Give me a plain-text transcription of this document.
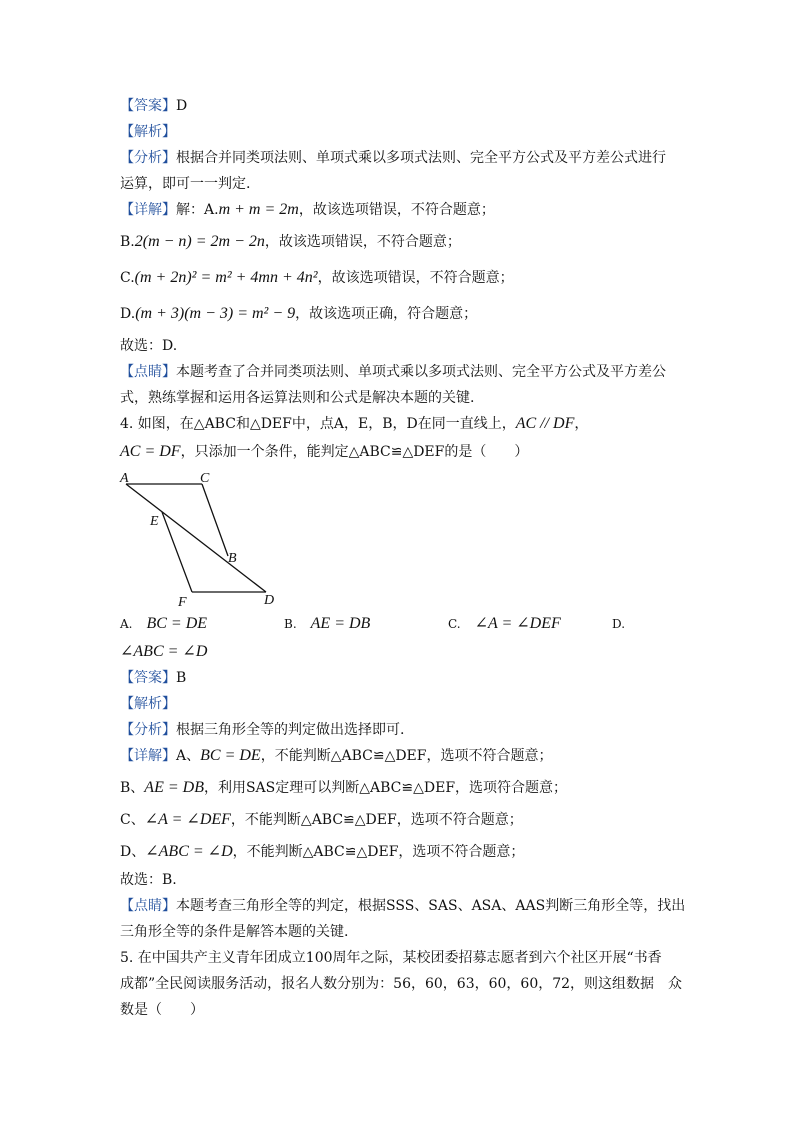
【答案】D
【解析】
【分析】根据合并同类项法则、单项式乘以多项式法则、完全平方公式及平方差公式进行
运算，即可一一判定.
【详解】解：A.m + m = 2m，故该选项错误，不符合题意；
B.2(m − n) = 2m − 2n，故该选项错误，不符合题意；
C.(m + 2n)² = m² + 4mn + 4n²，故该选项错误，不符合题意；
D.(m + 3)(m − 3) = m² − 9，故该选项正确，符合题意；
故选：D.
【点睛】本题考查了合并同类项法则、单项式乘以多项式法则、完全平方公式及平方差公
式，熟练掌握和运用各运算法则和公式是解决本题的关键.
4. 如图，在△ABC和△DEF中，点A，E，B，D在同一直线上，AC // DF，
AC = DF，只添加一个条件，能判定△ABC≌△DEF的是（　　）
A	C
E
B
F	D
A. BC = DE	B. AE = DB	C. ∠A = ∠DEF	D.
∠ABC = ∠D
【答案】B
【解析】
【分析】根据三角形全等的判定做出选择即可.
【详解】A、BC = DE，不能判断△ABC≌△DEF，选项不符合题意；
B、AE = DB，利用SAS定理可以判断△ABC≌△DEF，选项符合题意；
C、∠A = ∠DEF，不能判断△ABC≌△DEF，选项不符合题意；
D、∠ABC = ∠D，不能判断△ABC≌△DEF，选项不符合题意；
故选：B.
【点睛】本题考查三角形全等的判定，根据SSS、SAS、ASA、AAS判断三角形全等，找出
三角形全等的条件是解答本题的关键.
5. 在中国共产主义青年团成立100周年之际，某校团委招募志愿者到六个社区开展“书香
成都”全民阅读服务活动，报名人数分别为：56，60，63，60，60，72，则这组数据　众
数是（　　）
